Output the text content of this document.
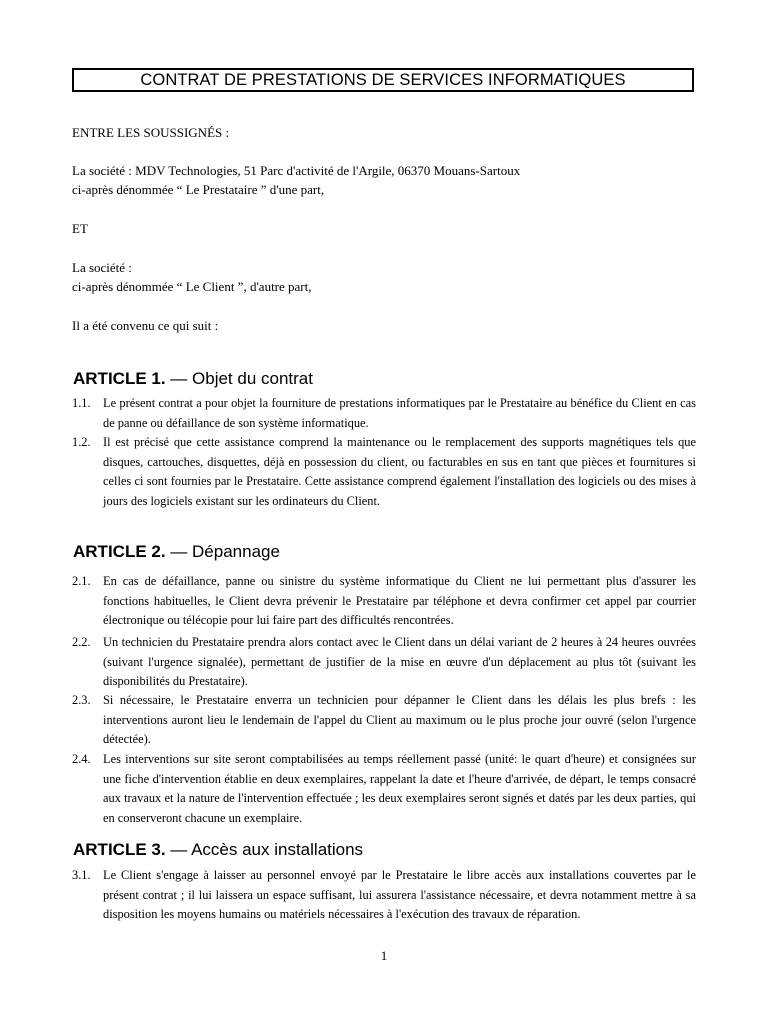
CONTRAT DE PRESTATIONS DE SERVICES INFORMATIQUES
ENTRE LES SOUSSIGNÉS :
La société : MDV Technologies, 51 Parc d'activité de l'Argile, 06370 Mouans-Sartoux
ci-après dénommée “ Le Prestataire ” d'une part,
ET
La société :
ci-après dénommée “ Le Client ”, d'autre part,
Il a été convenu ce qui suit :
ARTICLE 1. — Objet du contrat
1.1. Le présent contrat a pour objet la fourniture de prestations informatiques par le Prestataire au bénéfice du Client en cas de panne ou défaillance de son système informatique.
1.2. Il est précisé que cette assistance comprend la maintenance ou le remplacement des supports magnétiques tels que disques, cartouches, disquettes, déjà en possession du client, ou facturables en sus en tant que pièces et fournitures si celles ci sont fournies par le Prestataire. Cette assistance comprend également l'installation des logiciels ou des mises à jours des logiciels existant sur les ordinateurs du Client.
ARTICLE 2. — Dépannage
2.1. En cas de défaillance, panne ou sinistre du système informatique du Client ne lui permettant plus d'assurer les fonctions habituelles, le Client devra prévenir le Prestataire par téléphone et devra confirmer cet appel par courrier électronique ou télécopie pour lui faire part des difficultés rencontrées.
2.2. Un technicien du Prestataire prendra alors contact avec le Client dans un délai variant de 2 heures à 24 heures ouvrées (suivant l'urgence signalée), permettant de justifier de la mise en œuvre d'un déplacement au plus tôt (suivant les disponibilités du Prestataire).
2.3. Si nécessaire, le Prestataire enverra un technicien pour dépanner le Client dans les délais les plus brefs : les interventions auront lieu le lendemain de l'appel du Client au maximum ou le plus proche jour ouvré (selon l'urgence détectée).
2.4. Les interventions sur site seront comptabilisées au temps réellement passé (unité: le quart d'heure) et consignées sur une fiche d'intervention établie en deux exemplaires, rappelant la date et l'heure d'arrivée, de départ, le temps consacré aux travaux et la nature de l'intervention effectuée ; les deux exemplaires seront signés et datés par les deux parties, qui en conserveront chacune un exemplaire.
ARTICLE 3. — Accès aux installations
3.1. Le Client s'engage à laisser au personnel envoyé par le Prestataire le libre accès aux installations couvertes par le présent contrat ; il lui laissera un espace suffisant, lui assurera l'assistance nécessaire, et devra notamment mettre à sa disposition les moyens humains ou matériels nécessaires à l'exécution des travaux de réparation.
1
